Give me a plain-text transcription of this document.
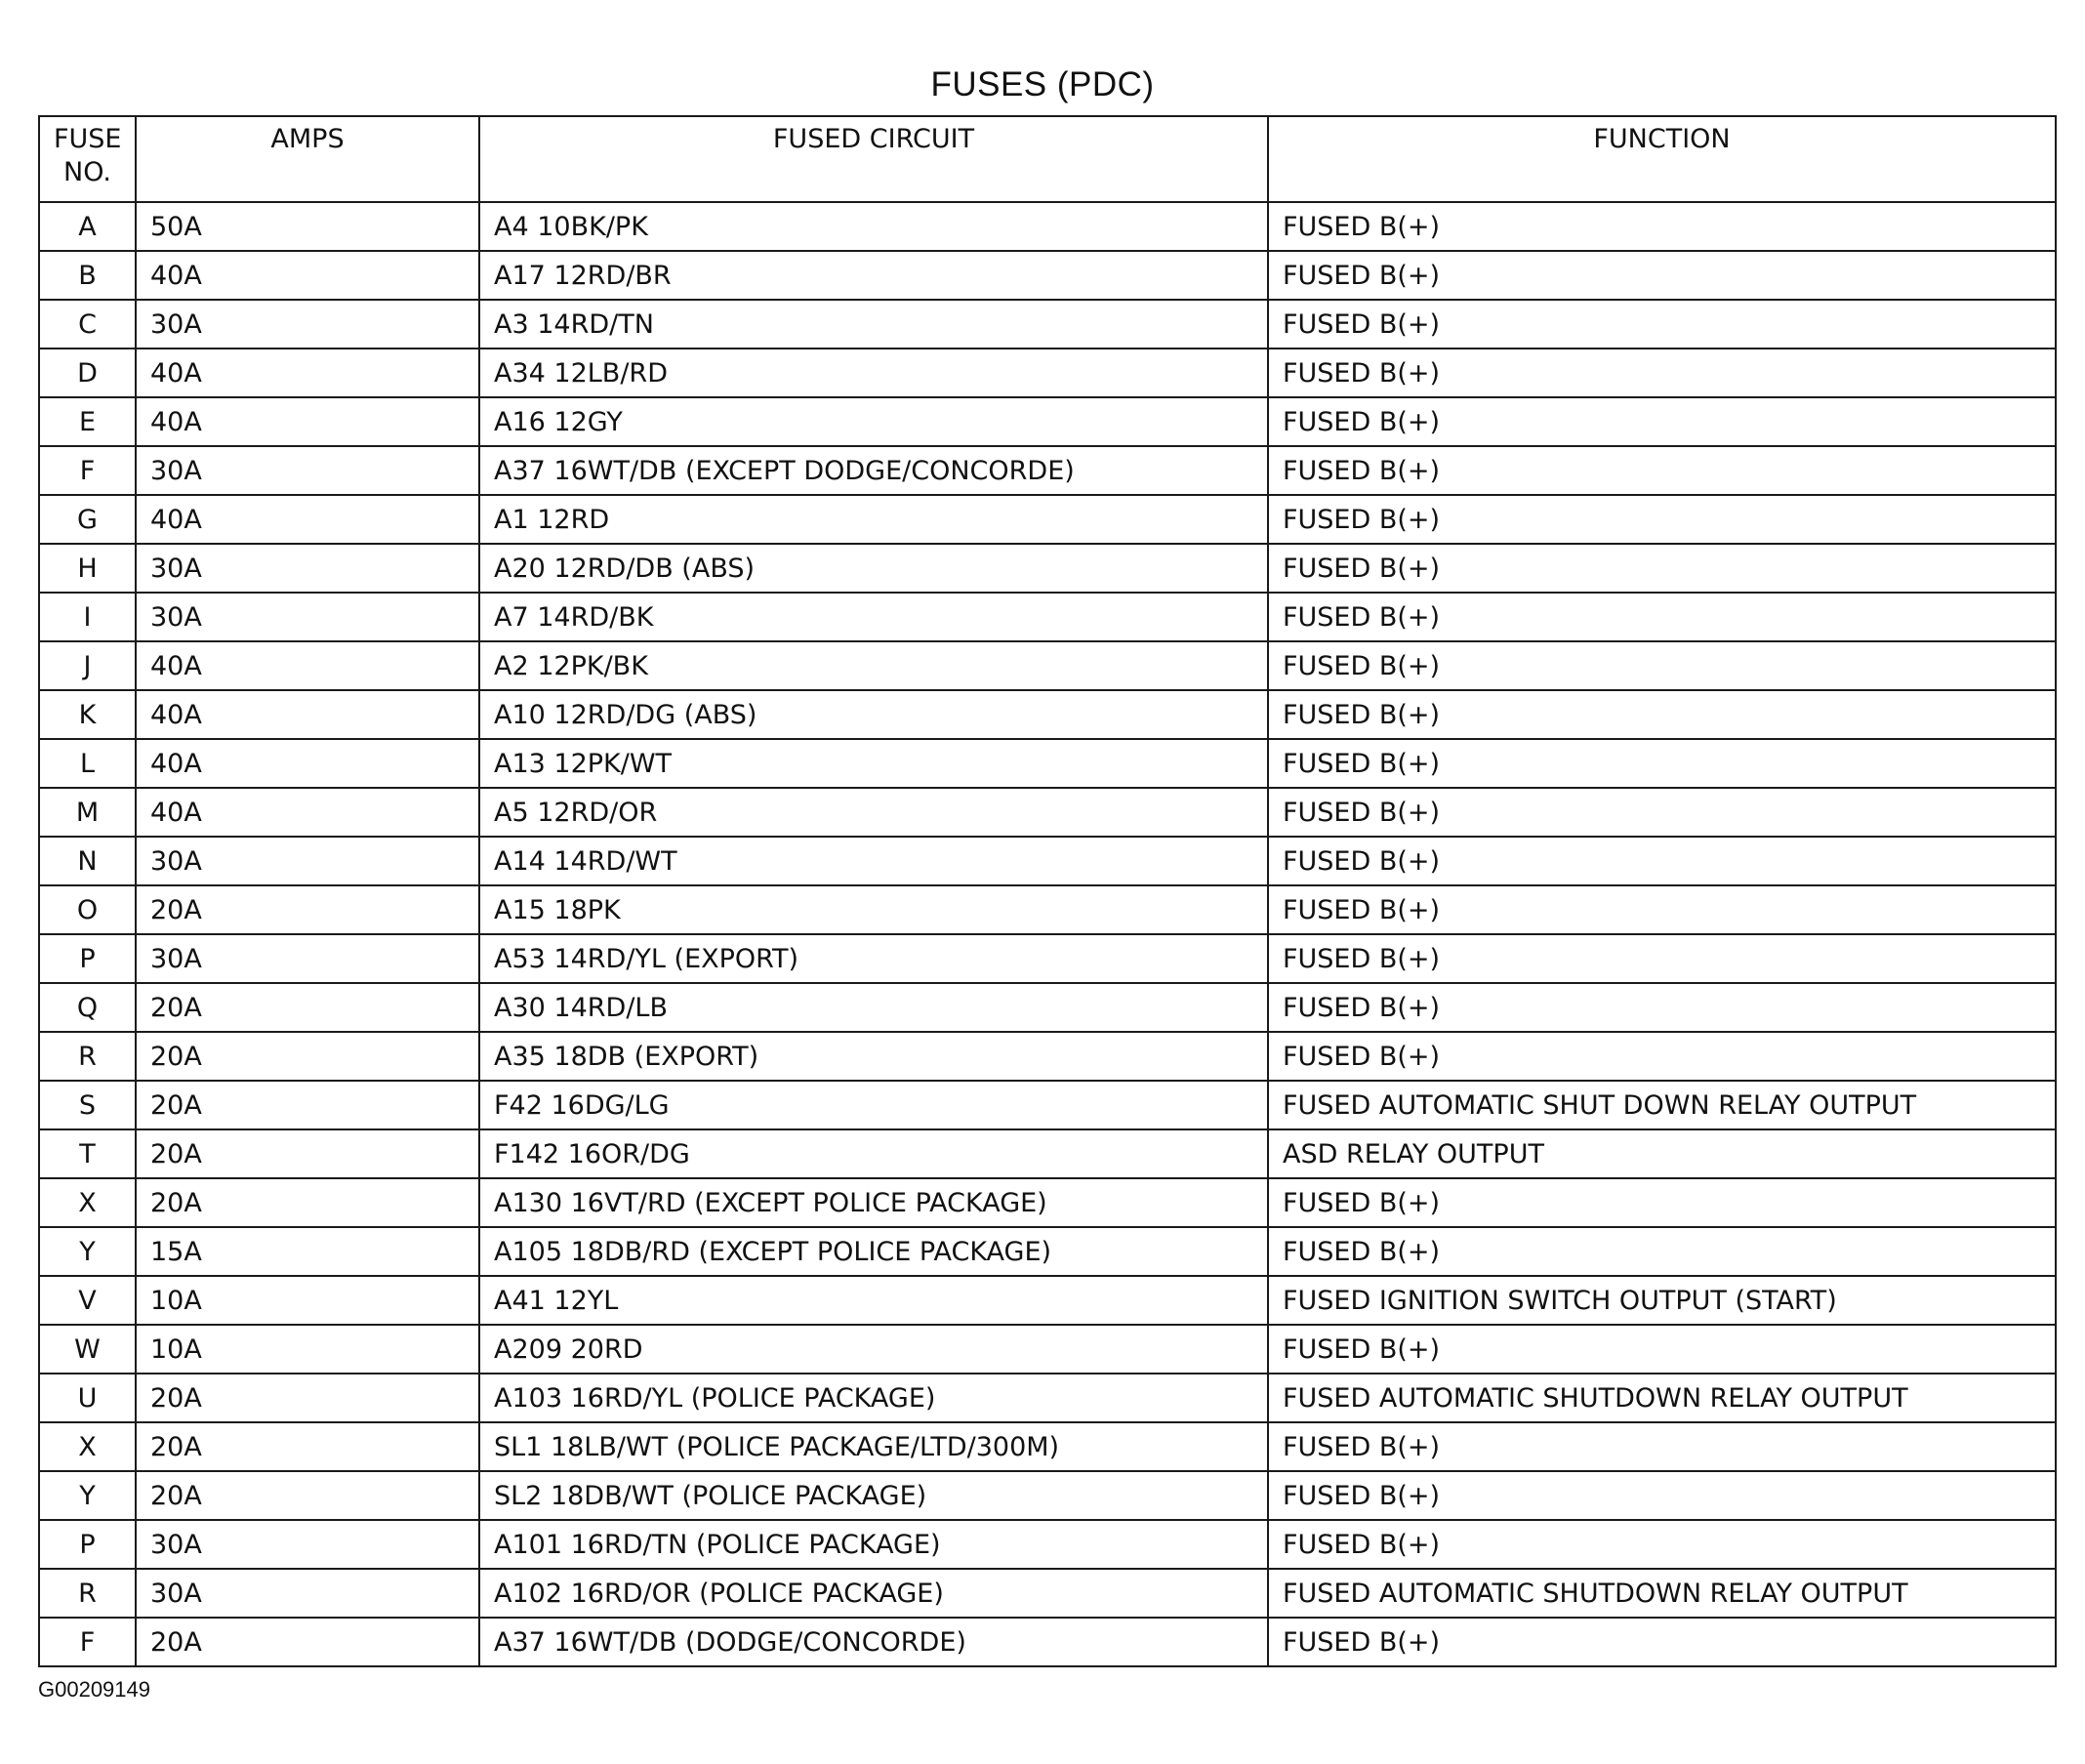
FUSES (PDC)
FUSE
NO.	AMPS	FUSED CIRCUIT	FUNCTION
A	50A	A4 10BK/PK	FUSED B(+)
B	40A	A17 12RD/BR	FUSED B(+)
C	30A	A3 14RD/TN	FUSED B(+)
D	40A	A34 12LB/RD	FUSED B(+)
E	40A	A16 12GY	FUSED B(+)
F	30A	A37 16WT/DB (EXCEPT DODGE/CONCORDE)	FUSED B(+)
G	40A	A1 12RD	FUSED B(+)
H	30A	A20 12RD/DB (ABS)	FUSED B(+)
I	30A	A7 14RD/BK	FUSED B(+)
J	40A	A2 12PK/BK	FUSED B(+)
K	40A	A10 12RD/DG (ABS)	FUSED B(+)
L	40A	A13 12PK/WT	FUSED B(+)
M	40A	A5 12RD/OR	FUSED B(+)
N	30A	A14 14RD/WT	FUSED B(+)
O	20A	A15 18PK	FUSED B(+)
P	30A	A53 14RD/YL (EXPORT)	FUSED B(+)
Q	20A	A30 14RD/LB	FUSED B(+)
R	20A	A35 18DB (EXPORT)	FUSED B(+)
S	20A	F42 16DG/LG	FUSED AUTOMATIC SHUT DOWN RELAY OUTPUT
T	20A	F142 16OR/DG	ASD RELAY OUTPUT
X	20A	A130 16VT/RD (EXCEPT POLICE PACKAGE)	FUSED B(+)
Y	15A	A105 18DB/RD (EXCEPT POLICE PACKAGE)	FUSED B(+)
V	10A	A41 12YL	FUSED IGNITION SWITCH OUTPUT (START)
W	10A	A209 20RD	FUSED B(+)
U	20A	A103 16RD/YL (POLICE PACKAGE)	FUSED AUTOMATIC SHUTDOWN RELAY OUTPUT
X	20A	SL1 18LB/WT (POLICE PACKAGE/LTD/300M)	FUSED B(+)
Y	20A	SL2 18DB/WT (POLICE PACKAGE)	FUSED B(+)
P	30A	A101 16RD/TN (POLICE PACKAGE)	FUSED B(+)
R	30A	A102 16RD/OR (POLICE PACKAGE)	FUSED AUTOMATIC SHUTDOWN RELAY OUTPUT
F	20A	A37 16WT/DB (DODGE/CONCORDE)	FUSED B(+)
G00209149
